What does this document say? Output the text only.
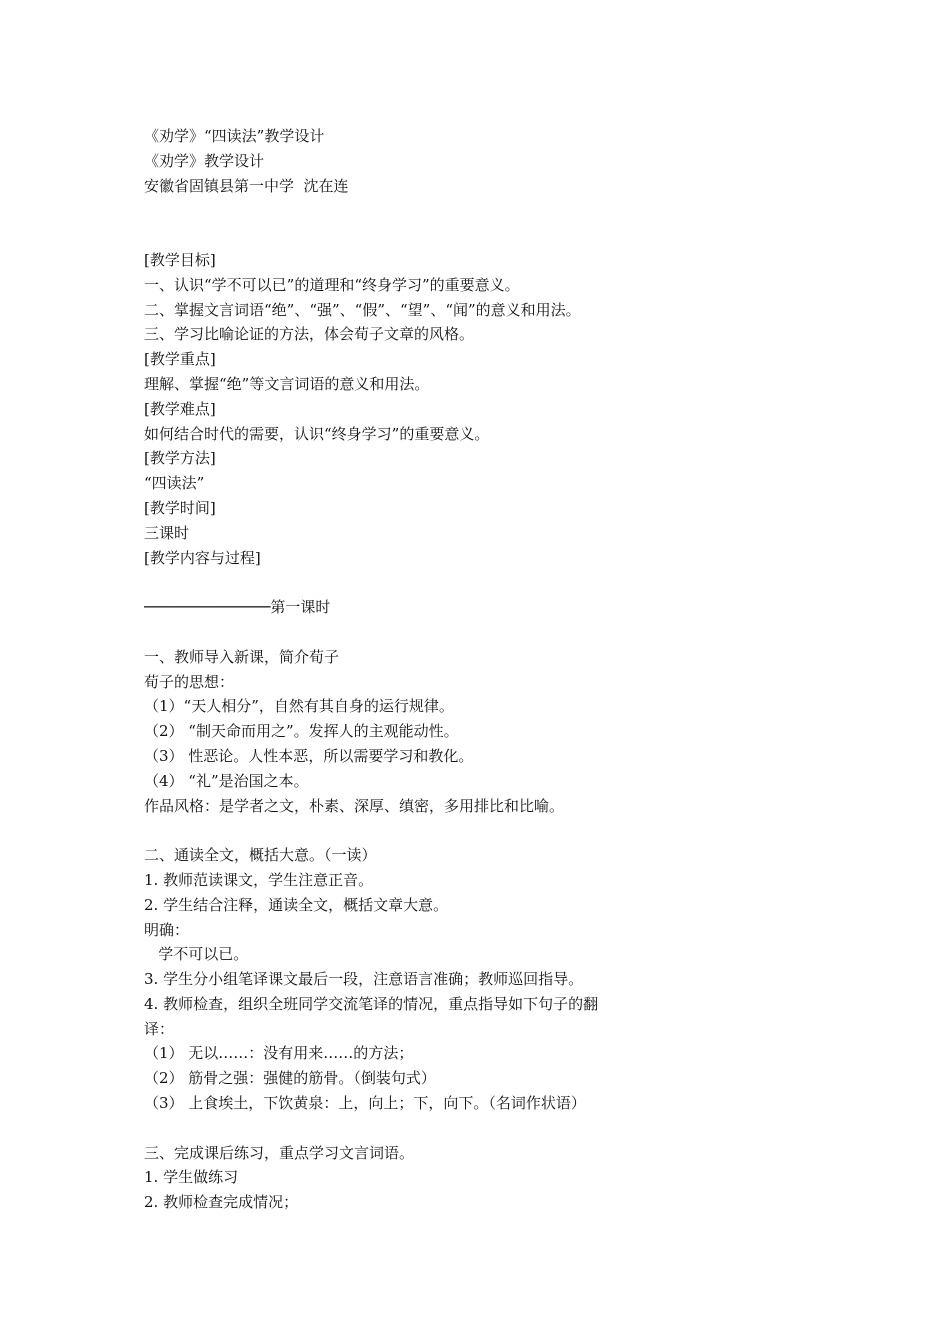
《劝学》“四读法”教学设计
《劝学》教学设计
安徽省固镇县第一中学  沈在连
[教学目标]
一、认识“学不可以已”的道理和“终身学习”的重要意义。
二、掌握文言词语“绝”、“强”、“假”、“望”、“闻”的意义和用法。
三、学习比喻论证的方法，体会荀子文章的风格。
[教学重点]
理解、掌握“绝”等文言词语的意义和用法。
[教学难点]
如何结合时代的需要，认识“终身学习”的重要意义。
[教学方法]
“四读法”
[教学时间]
三课时
[教学内容与过程]
──────────────第一课时
一、教师导入新课，简介荀子
荀子的思想：
（1）“天人相分”，自然有其自身的运行规律。
（2） “制天命而用之”。发挥人的主观能动性。
（3） 性恶论。人性本恶，所以需要学习和教化。
（4） “礼”是治国之本。
作品风格：是学者之文，朴素、深厚、缜密，多用排比和比喻。
二、通读全文，概括大意。（一读）
1. 教师范读课文，学生注意正音。
2. 学生结合注释，通读全文，概括文章大意。
明确：
学不可以已。
3. 学生分小组笔译课文最后一段，注意语言准确；教师巡回指导。
4. 教师检查，组织全班同学交流笔译的情况，重点指导如下句子的翻
译：
（1） 无以……：没有用来……的方法；
（2） 筋骨之强：强健的筋骨。（倒装句式）
（3） 上食埃土，下饮黄泉：上，向上；下，向下。（名词作状语）
三、完成课后练习，重点学习文言词语。
1. 学生做练习
2. 教师检查完成情况；
